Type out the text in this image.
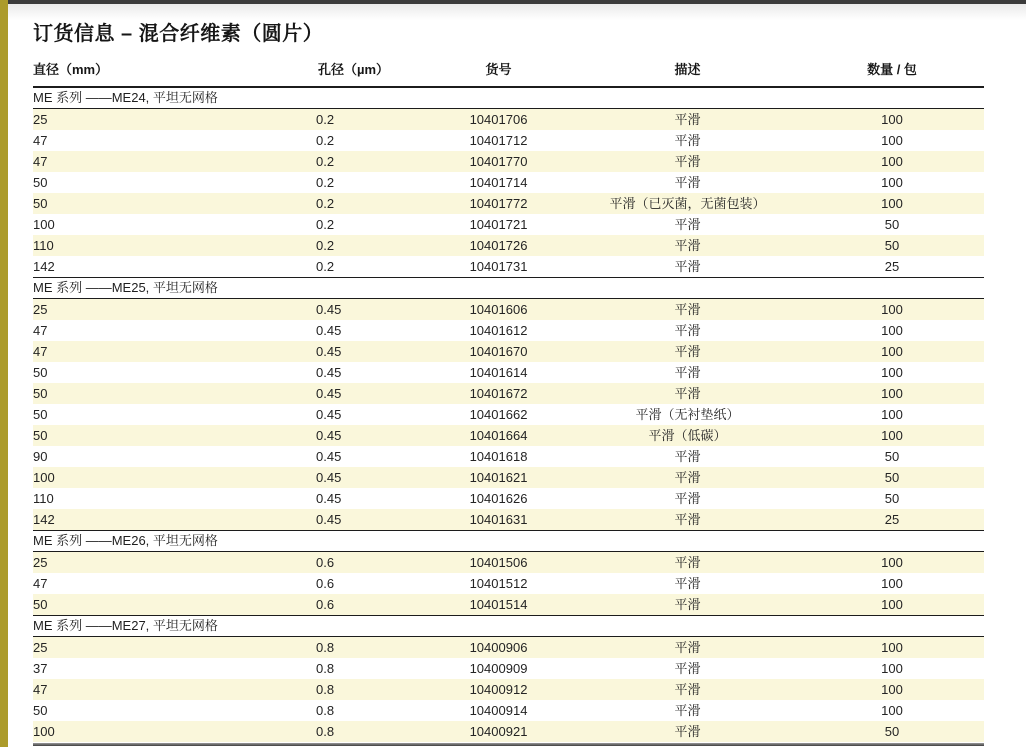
订货信息 – 混合纤维素（圆片）
直径（mm）	孔径（µm）	货号	描述	数量 / 包
ME 系列 ——ME24, 平坦无网格				
25	0.2	10401706	平滑	100
47	0.2	10401712	平滑	100
47	0.2	10401770	平滑	100
50	0.2	10401714	平滑	100
50	0.2	10401772	平滑（已灭菌，无菌包装）	100
100	0.2	10401721	平滑	50
110	0.2	10401726	平滑	50
142	0.2	10401731	平滑	25
ME 系列 ——ME25, 平坦无网格				
25	0.45	10401606	平滑	100
47	0.45	10401612	平滑	100
47	0.45	10401670	平滑	100
50	0.45	10401614	平滑	100
50	0.45	10401672	平滑	100
50	0.45	10401662	平滑（无衬垫纸）	100
50	0.45	10401664	平滑（低碳）	100
90	0.45	10401618	平滑	50
100	0.45	10401621	平滑	50
110	0.45	10401626	平滑	50
142	0.45	10401631	平滑	25
ME 系列 ——ME26, 平坦无网格				
25	0.6	10401506	平滑	100
47	0.6	10401512	平滑	100
50	0.6	10401514	平滑	100
ME 系列 ——ME27, 平坦无网格				
25	0.8	10400906	平滑	100
37	0.8	10400909	平滑	100
47	0.8	10400912	平滑	100
50	0.8	10400914	平滑	100
100	0.8	10400921	平滑	50
